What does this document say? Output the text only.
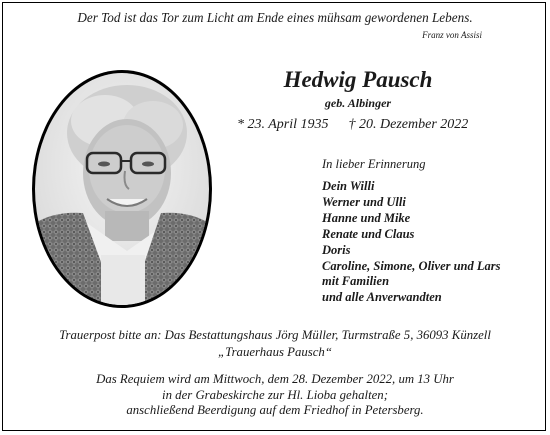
Der Tod ist das Tor zum Licht am Ende eines mühsam gewordenen Lebens.
Franz von Assisi
Hedwig Pausch
geb. Albinger
* 23. April 1935 † 20. Dezember 2022
In lieber Erinnerung
Dein Willi
Werner und Ulli
Hanne und Mike
Renate und Claus
Doris
Caroline, Simone, Oliver und Lars
mit Familien
und alle Anverwandten
Trauerpost bitte an: Das Bestattungshaus Jörg Müller, Turmstraße 5, 36093 Künzell
„Trauerhaus Pausch“
Das Requiem wird am Mittwoch, dem 28. Dezember 2022, um 13 Uhr
in der Grabeskirche zur Hl. Lioba gehalten;
anschließend Beerdigung auf dem Friedhof in Petersberg.
